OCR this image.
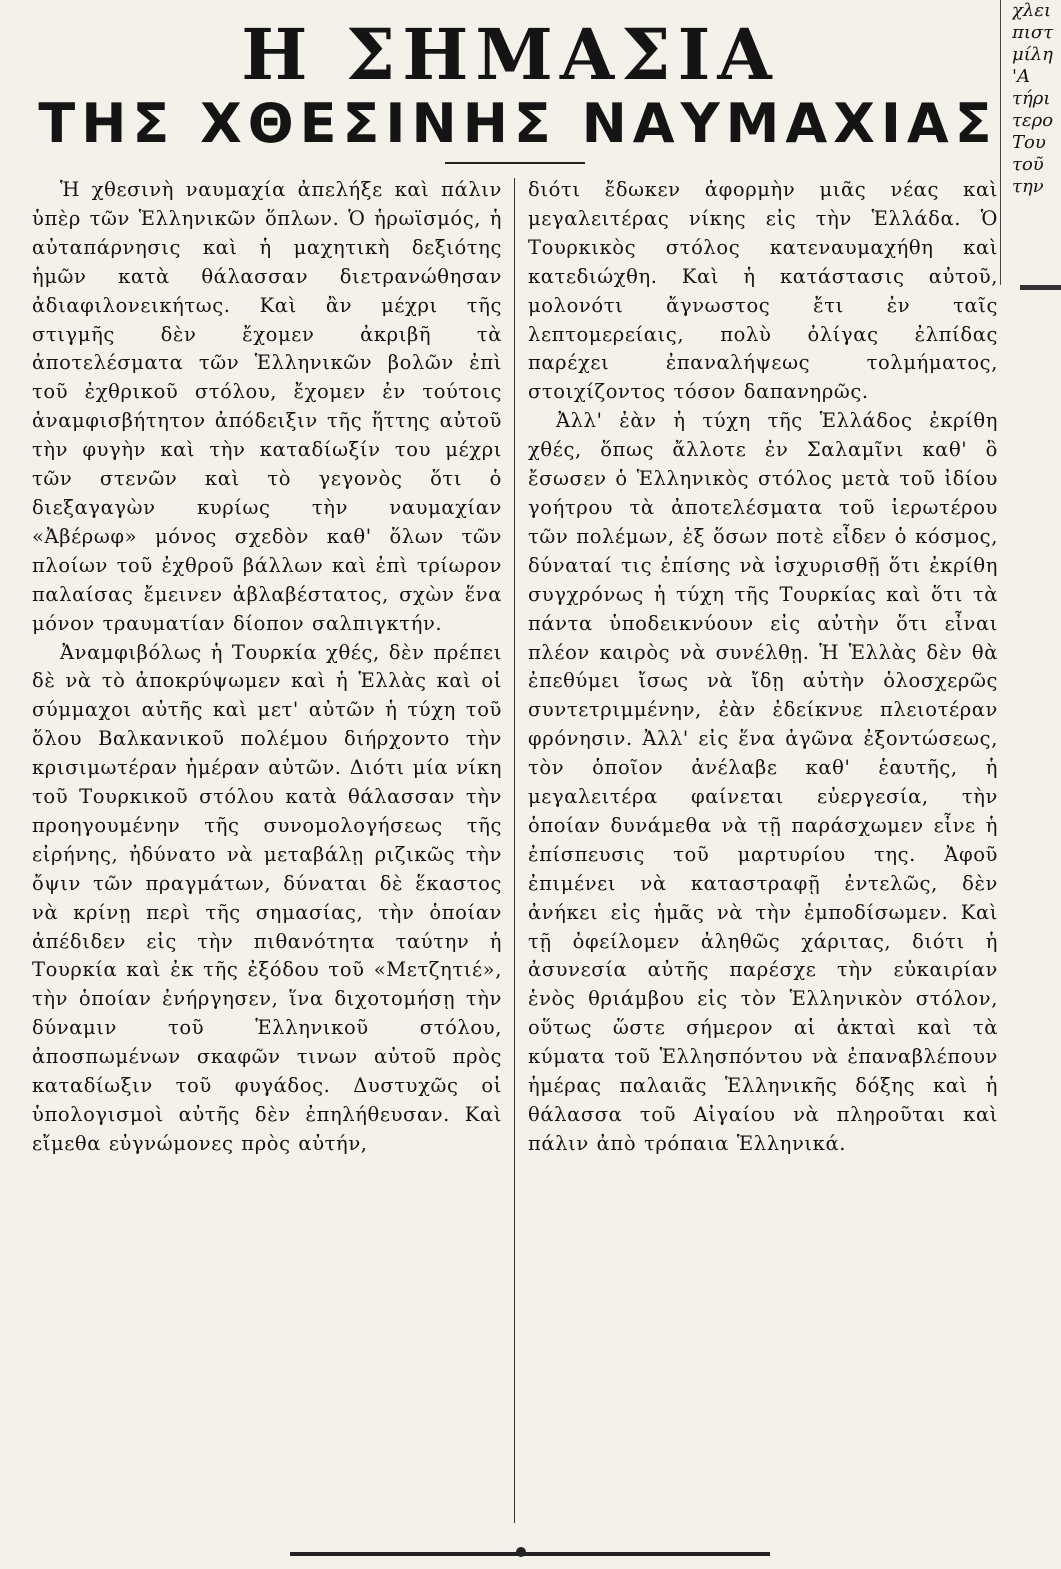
χλει
πιστ
μίλη
'Α
τήρι
τερο
Του
τοῦ
την
Η ΣΗΜΑΣΙΑ
ΤΗΣ ΧΘΕΣΙΝΗΣ ΝΑΥΜΑΧΙΑΣ

Ἡ χθεσινὴ ναυμαχία ἀπελήξε καὶ πάλιν ὑπὲρ τῶν Ἑλληνικῶν ὅπλων. Ὁ ἡρωϊσμός, ἡ αὐταπάρνησις καὶ ἡ μαχητικὴ δεξιότης ἡμῶν κατὰ θάλασσαν διετρανώθησαν ἀδιαφιλονεικήτως. Καὶ ἂν μέχρι τῆς στιγμῆς δὲν ἔχομεν ἀκριβῆ τὰ ἀποτελέσματα τῶν Ἑλληνικῶν βολῶν ἐπὶ τοῦ ἐχθρικοῦ στόλου, ἔχομεν ἐν τούτοις ἀναμφισβήτητον ἀπόδειξιν τῆς ἥττης αὐτοῦ τὴν φυγὴν καὶ τὴν καταδίωξίν του μέχρι τῶν στενῶν καὶ τὸ γεγονὸς ὅτι ὁ διεξαγαγὼν κυρίως τὴν ναυμαχίαν «Ἀβέρωφ» μόνος σχεδὸν καθ' ὅλων τῶν πλοίων τοῦ ἐχθροῦ βάλλων καὶ ἐπὶ τρίωρον παλαίσας ἔμεινεν ἀβλαβέστατος, σχὼν ἕνα μόνον τραυματίαν δίοπον σαλπιγκτήν.

Ἀναμφιβόλως ἡ Τουρκία χθές, δὲν πρέπει δὲ νὰ τὸ ἀποκρύψωμεν καὶ ἡ Ἑλλὰς καὶ οἱ σύμμαχοι αὐτῆς καὶ μετ' αὐτῶν ἡ τύχη τοῦ ὅλου Βαλκανικοῦ πολέμου διήρχοντο τὴν κρισιμωτέραν ἡμέραν αὐτῶν. Διότι μία νίκη τοῦ Τουρκικοῦ στόλου κατὰ θάλασσαν τὴν προηγουμένην τῆς συνομολογήσεως τῆς εἰρήνης, ἠδύνατο νὰ μεταβάλῃ ριζικῶς τὴν ὄψιν τῶν πραγμάτων, δύναται δὲ ἕκαστος νὰ κρίνῃ περὶ τῆς σημασίας, τὴν ὁποίαν ἀπέδιδεν εἰς τὴν πιθανότητα ταύτην ἡ Τουρκία καὶ ἐκ τῆς ἐξόδου τοῦ «Μετζητιέ», τὴν ὁποίαν ἐνήργησεν, ἵνα διχοτομήσῃ τὴν δύναμιν τοῦ Ἑλληνικοῦ στόλου, ἀποσπωμένων σκαφῶν τινων αὐτοῦ πρὸς καταδίωξιν τοῦ φυγάδος. Δυστυχῶς οἱ ὑπολογισμοὶ αὐτῆς δὲν ἐπηλήθευσαν. Καὶ εἴμεθα εὐγνώμονες πρὸς αὐτήν,

διότι ἔδωκεν ἀφορμὴν μιᾶς νέας καὶ μεγαλειτέρας νίκης εἰς τὴν Ἑλλάδα. Ὁ Τουρκικὸς στόλος κατεναυμαχήθη καὶ κατεδιώχθη. Καὶ ἡ κατάστασις αὐτοῦ, μολονότι ἄγνωστος ἔτι ἐν ταῖς λεπτομερείαις, πολὺ ὀλίγας ἐλπίδας παρέχει ἐπαναλήψεως τολμήματος, στοιχίζοντος τόσον δαπανηρῶς.

Ἀλλ' ἐὰν ἡ τύχη τῆς Ἑλλάδος ἐκρίθη χθές, ὅπως ἄλλοτε ἐν Σαλαμῖνι καθ' ὃ ἔσωσεν ὁ Ἑλληνικὸς στόλος μετὰ τοῦ ἰδίου γοήτρου τὰ ἀποτελέσματα τοῦ ἱερωτέρου τῶν πολέμων, ἐξ ὅσων ποτὲ εἶδεν ὁ κόσμος, δύναταί τις ἐπίσης νὰ ἰσχυρισθῇ ὅτι ἐκρίθη συγχρόνως ἡ τύχη τῆς Τουρκίας καὶ ὅτι τὰ πάντα ὑποδεικνύουν εἰς αὐτὴν ὅτι εἶναι πλέον καιρὸς νὰ συνέλθῃ. Ἡ Ἑλλὰς δὲν θὰ ἐπεθύμει ἴσως νὰ ἴδῃ αὐτὴν ὁλοσχερῶς συντετριμμένην, ἐὰν ἐδείκνυε πλειοτέραν φρόνησιν. Ἀλλ' εἰς ἕνα ἀγῶνα ἐξοντώσεως, τὸν ὁποῖον ἀνέλαβε καθ' ἑαυτῆς, ἡ μεγαλειτέρα φαίνεται εὐεργεσία, τὴν ὁποίαν δυνάμεθα νὰ τῇ παράσχωμεν εἶνε ἡ ἐπίσπευσις τοῦ μαρτυρίου της. Ἀφοῦ ἐπιμένει νὰ καταστραφῇ ἐντελῶς, δὲν ἀνήκει εἰς ἡμᾶς νὰ τὴν ἐμποδίσωμεν. Καὶ τῇ ὀφείλομεν ἀληθῶς χάριτας, διότι ἡ ἀσυνεσία αὐτῆς παρέσχε τὴν εὐκαιρίαν ἑνὸς θριάμβου εἰς τὸν Ἑλληνικὸν στόλον, οὕτως ὥστε σήμερον αἱ ἀκταὶ καὶ τὰ κύματα τοῦ Ἑλλησπόντου νὰ ἐπαναβλέπουν ἡμέρας παλαιᾶς Ἑλληνικῆς δόξης καὶ ἡ θάλασσα τοῦ Αἰγαίου νὰ πληροῦται καὶ πάλιν ἀπὸ τρόπαια Ἑλληνικά.
